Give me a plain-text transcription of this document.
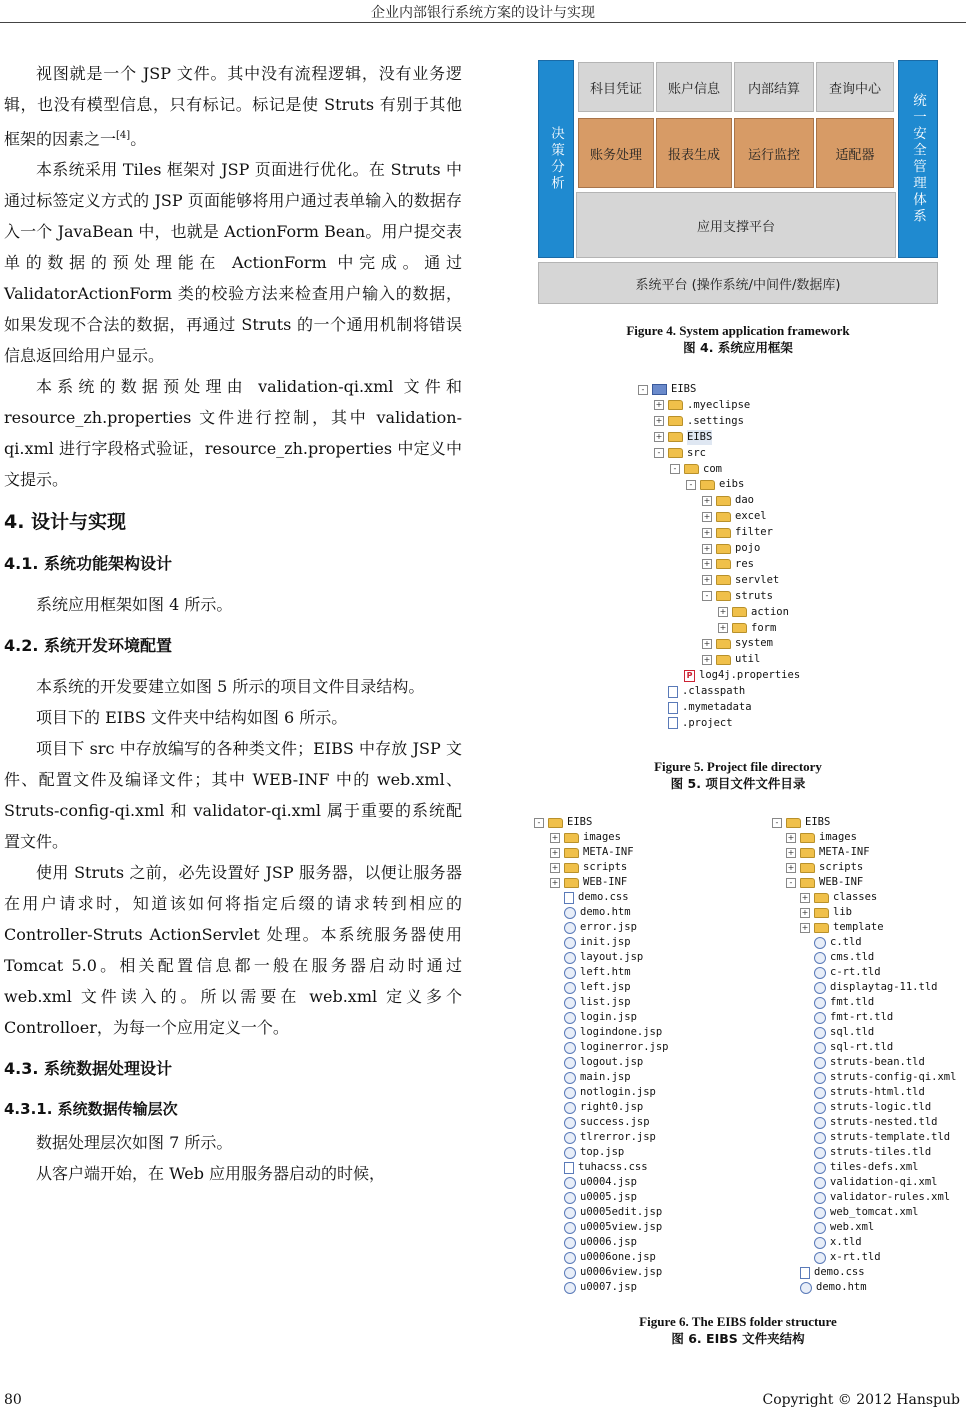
企业内部银行系统方案的设计与实现

视图就是一个 JSP 文件。其中没有流程逻辑，没有业务逻辑，也没有模型信息，只有标记。标记是使 Struts 有别于其他框架的因素之一[4]。

本系统采用 Tiles 框架对 JSP 页面进行优化。在 Struts 中通过标签定义方式的 JSP 页面能够将用户通过表单输入的数据存入一个 JavaBean 中，也就是 ActionForm Bean。用户提交表单的数据的预处理能在 ActionForm 中完成。通过 ValidatorActionForm 类的校验方法来检查用户输入的数据，如果发现不合法的数据，再通过 Struts 的一个通用机制将错误信息返回给用户显示。

本系统的数据预处理由 validation-qi.xml 文件和 resource_zh.properties 文件进行控制，其中 validation-qi.xml 进行字段格式验证，resource_zh.properties 中定义中文提示。

4. 设计与实现
4.1. 系统功能架构设计

系统应用框架如图 4 所示。

4.2. 系统开发环境配置

本系统的开发要建立如图 5 所示的项目文件目录结构。

项目下的 EIBS 文件夹中结构如图 6 所示。

项目下 src 中存放编写的各种类文件；EIBS 中存放 JSP 文件、配置文件及编译文件；其中 WEB-INF 中的 web.xml、Struts-config-qi.xml 和 validator-qi.xml 属于重要的系统配置文件。

使用 Struts 之前，必先设置好 JSP 服务器，以便让服务器在用户请求时，知道该如何将指定后缀的请求转到相应的 Controller-Struts ActionServlet 处理。本系统服务器使用 Tomcat 5.0。相关配置信息都一般在服务器启动时通过 web.xml 文件读入的。所以需要在 web.xml 定义多个 Controlloer，为每一个应用定义一个。

4.3. 系统数据处理设计
4.3.1. 系统数据传输层次

数据处理层次如图 7 所示。

从客户端开始，在 Web 应用服务器启动的时候，

决策分析	统一安全管理体系
科目凭证	账户信息	内部结算	查询中心
账务处理	报表生成	运行监控	适配器
应用支撑平台
系统平台 (操作系统/中间件/数据库)
Figure 4. System application framework
图 4. 系统应用框架
-	EIBS
+ .myeclipse
+ .settings
+ EIBS
-	src
-	com
-	eibs
+ dao
+ excel
+ filter
+ pojo
+ res
+ servlet
-	struts
+ action
+ form
+ system
+ util
P log4j.properties
.classpath
.mymetadata
.project
Figure 5. Project file directory
图 5. 项目文件文件目录
-	EIBS
+ images
+ META-INF
+ scripts
+ WEB-INF
demo.css
demo.htm
error.jsp
init.jsp
layout.jsp
left.htm
left.jsp
list.jsp
login.jsp
logindone.jsp
loginerror.jsp
logout.jsp
main.jsp
notlogin.jsp
right0.jsp
success.jsp
tlrerror.jsp
top.jsp
tuhacss.css
u0004.jsp
u0005.jsp
u0005edit.jsp
u0005view.jsp
u0006.jsp
u0006one.jsp
u0006view.jsp
u0007.jsp
-	EIBS
+ images
+ META-INF
+ scripts
-	WEB-INF
+ classes
+ lib
+ template
c.tld
cms.tld
c-rt.tld
displaytag-11.tld
fmt.tld
fmt-rt.tld
sql.tld
sql-rt.tld
struts-bean.tld
struts-config-qi.xml
struts-html.tld
struts-logic.tld
struts-nested.tld
struts-template.tld
struts-tiles.tld
tiles-defs.xml
validation-qi.xml
validator-rules.xml
web_tomcat.xml
web.xml
x.tld
x-rt.tld
demo.css
demo.htm
Figure 6. The EIBS folder structure
图 6. EIBS 文件夹结构
80	Copyright © 2012 Hanspub
